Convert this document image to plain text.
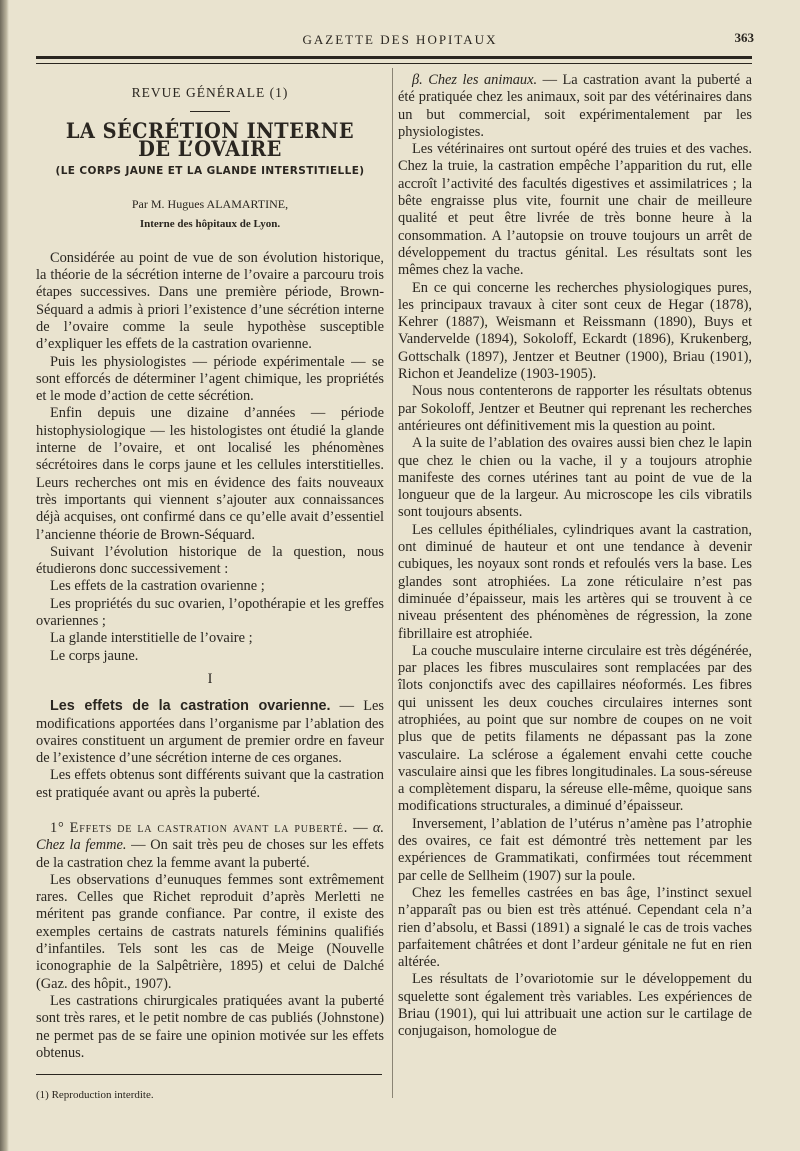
GAZETTE DES HOPITAUX	363
REVUE GÉNÉRALE (1)
LA SÉCRÉTION INTERNE DE L’OVAIRE
(LE CORPS JAUNE ET LA GLANDE INTERSTITIELLE)
Par M. Hugues ALAMARTINE,
Interne des hôpitaux de Lyon.

Considérée au point de vue de son évolution historique, la théorie de la sécrétion interne de l’ovaire a parcouru trois étapes successives. Dans une première période, Brown-Séquard a admis à priori l’existence d’une sécrétion interne de l’ovaire comme la seule hypothèse susceptible d’expliquer les effets de la castration ovarienne.

Puis les physiologistes — période expérimentale — se sont efforcés de déterminer l’agent chimique, les propriétés et le mode d’action de cette sécrétion.

Enfin depuis une dizaine d’années — période histophysiologique — les histologistes ont étudié la glande interne de l’ovaire, et ont localisé les phénomènes sécrétoires dans le corps jaune et les cellules interstitielles. Leurs recherches ont mis en évidence des faits nouveaux très importants qui viennent s’ajouter aux connaissances déjà acquises, ont confirmé dans ce qu’elle avait d’essentiel l’ancienne théorie de Brown-Séquard.

Suivant l’évolution historique de la question, nous étudierons donc successivement :

Les effets de la castration ovarienne ;

Les propriétés du suc ovarien, l’opothérapie et les greffes ovariennes ;

La glande interstitielle de l’ovaire ;

Le corps jaune.

I

Les effets de la castration ovarienne. — Les modifications apportées dans l’organisme par l’ablation des ovaires constituent un argument de premier ordre en faveur de l’existence d’une sécrétion interne de ces organes.

Les effets obtenus sont différents suivant que la castration est pratiquée avant ou après la puberté.

1° Effets de la castration avant la puberté. — α. Chez la femme. — On sait très peu de choses sur les effets de la castration chez la femme avant la puberté.

Les observations d’eunuques femmes sont extrêmement rares. Celles que Richet reproduit d’après Merletti ne méritent pas grande confiance. Par contre, il existe des exemples certains de castrats naturels féminins qualifiés d’infantiles. Tels sont les cas de Meige (Nouvelle iconographie de la Salpêtrière, 1895) et celui de Dalché (Gaz. des hôpit., 1907).

Les castrations chirurgicales pratiquées avant la puberté sont très rares, et le petit nombre de cas publiés (Johnstone) ne permet pas de se faire une opinion motivée sur les effets obtenus.

(1) Reproduction interdite.

β. Chez les animaux. — La castration avant la puberté a été pratiquée chez les animaux, soit par des vétérinaires dans un but commercial, soit expérimentalement par les physiologistes.

Les vétérinaires ont surtout opéré des truies et des vaches. Chez la truie, la castration empêche l’apparition du rut, elle accroît l’activité des facultés digestives et assimilatrices ; la bête engraisse plus vite, fournit une chair de meilleure qualité et peut être livrée de très bonne heure à la consommation. A l’autopsie on trouve toujours un arrêt de développement du tractus génital. Les résultats sont les mêmes chez la vache.

En ce qui concerne les recherches physiologiques pures, les principaux travaux à citer sont ceux de Hegar (1878), Kehrer (1887), Weismann et Reissmann (1890), Buys et Vandervelde (1894), Sokoloff, Eckardt (1896), Krukenberg, Gottschalk (1897), Jentzer et Beutner (1900), Briau (1901), Richon et Jeandelize (1903-1905).

Nous nous contenterons de rapporter les résultats obtenus par Sokoloff, Jentzer et Beutner qui reprenant les recherches antérieures ont définitivement mis la question au point.

A la suite de l’ablation des ovaires aussi bien chez le lapin que chez le chien ou la vache, il y a toujours atrophie manifeste des cornes utérines tant au point de vue de la longueur que de la largeur. Au microscope les cils vibratils sont toujours absents.

Les cellules épithéliales, cylindriques avant la castration, ont diminué de hauteur et ont une tendance à devenir cubiques, les noyaux sont ronds et refoulés vers la base. Les glandes sont atrophiées. La zone réticulaire n’est pas diminuée d’épaisseur, mais les artères qui se trouvent à ce niveau présentent des phénomènes de régression, la zone fibrillaire est atrophiée.

La couche musculaire interne circulaire est très dégénérée, par places les fibres musculaires sont remplacées par des îlots conjonctifs avec des capillaires néoformés. Les fibres qui unissent les deux couches circulaires internes sont atrophiées, au point que sur nombre de coupes on ne voit plus que de petits filaments ne dépassant pas la zone vasculaire. La sclérose a également envahi cette couche vasculaire ainsi que les fibres longitudinales. La sous-séreuse a complètement disparu, la séreuse elle-même, quoique sans modifications structurales, a diminué d’épaisseur.

Inversement, l’ablation de l’utérus n’amène pas l’atrophie des ovaires, ce fait est démontré très nettement par les expériences de Grammatikati, confirmées tout récemment par celle de Sellheim (1907) sur la poule.

Chez les femelles castrées en bas âge, l’instinct sexuel n’apparaît pas ou bien est très atténué. Cependant cela n’a rien d’absolu, et Bassi (1891) a signalé le cas de trois vaches parfaitement châtrées et dont l’ardeur génitale ne fut en rien altérée.

Les résultats de l’ovariotomie sur le développement du squelette sont également très variables. Les expériences de Briau (1901), qui lui attribuait une action sur le cartilage de conjugaison, homologue de
